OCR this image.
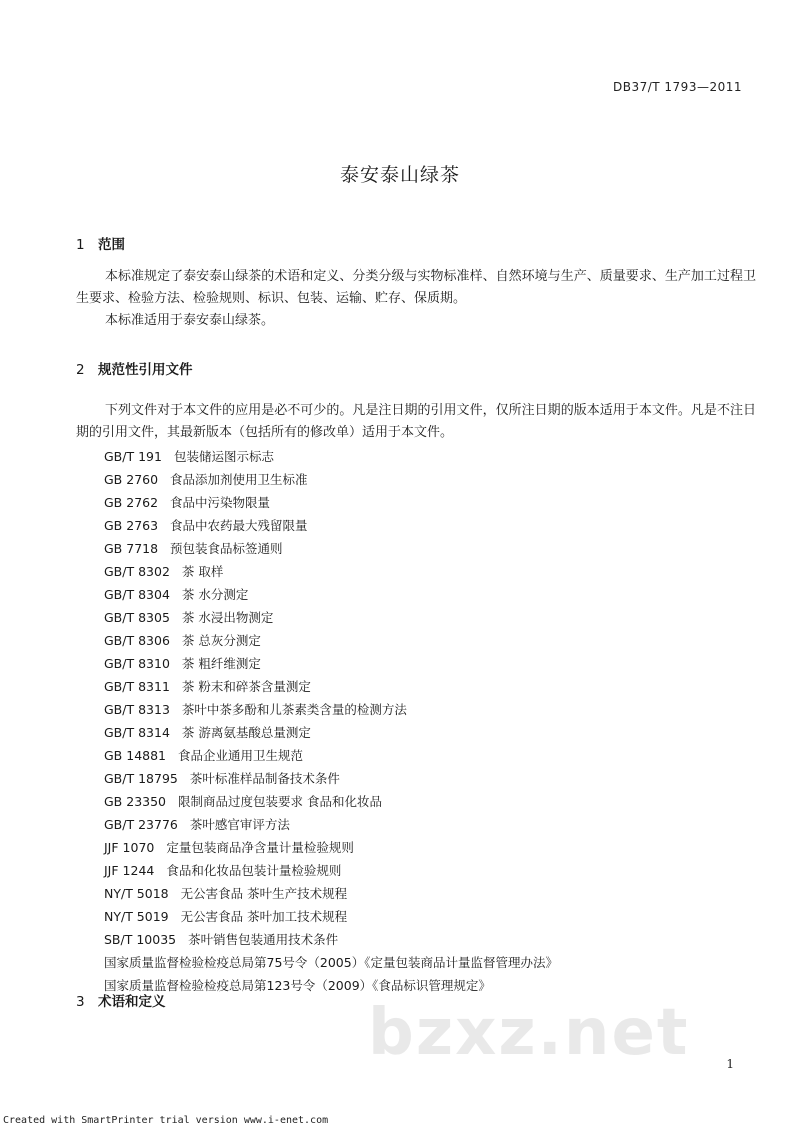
DB37/T 1793—2011
泰安泰山绿茶
1 范围
本标准规定了泰安泰山绿茶的术语和定义、分类分级与实物标准样、自然环境与生产、质量要求、生产加工过程卫生要求、检验方法、检验规则、标识、包装、运输、贮存、保质期。
本标准适用于泰安泰山绿茶。
2 规范性引用文件
下列文件对于本文件的应用是必不可少的。凡是注日期的引用文件，仅所注日期的版本适用于本文件。凡是不注日期的引用文件，其最新版本（包括所有的修改单）适用于本文件。
GB/T 191 包装储运图示标志
GB 2760 食品添加剂使用卫生标准
GB 2762 食品中污染物限量
GB 2763 食品中农药最大残留限量
GB 7718 预包装食品标签通则
GB/T 8302 茶 取样
GB/T 8304 茶 水分测定
GB/T 8305 茶 水浸出物测定
GB/T 8306 茶 总灰分测定
GB/T 8310 茶 粗纤维测定
GB/T 8311 茶 粉末和碎茶含量测定
GB/T 8313 茶叶中茶多酚和儿茶素类含量的检测方法
GB/T 8314 茶 游离氨基酸总量测定
GB 14881 食品企业通用卫生规范
GB/T 18795 茶叶标准样品制备技术条件
GB 23350 限制商品过度包装要求 食品和化妆品
GB/T 23776 茶叶感官审评方法
JJF 1070 定量包装商品净含量计量检验规则
JJF 1244 食品和化妆品包装计量检验规则
NY/T 5018 无公害食品 茶叶生产技术规程
NY/T 5019 无公害食品 茶叶加工技术规程
SB/T 10035 茶叶销售包装通用技术条件
国家质量监督检验检疫总局第75号令（2005）《定量包装商品计量监督管理办法》
国家质量监督检验检疫总局第123号令（2009）《食品标识管理规定》
3 术语和定义	bzxz.net	1
Created with SmartPrinter trial version www.i-enet.com
